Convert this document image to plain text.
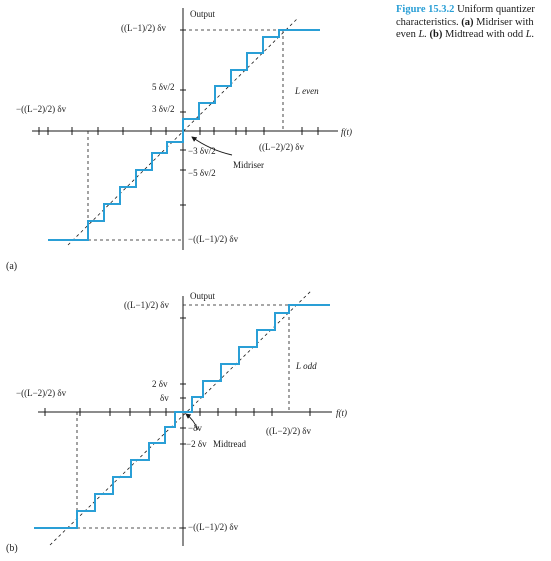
Figure 15.3.2 Uniform quantizer characteristics. (a) Midriser with even L. (b) Midtread with odd L.
Output
((L−1)/2) δv
5 δv/2
3 δv/2
−((L−2)/2) δv
L even
f(t)
−3 δv/2
−5 δv/2
((L−2)/2) δv
Midriser
−((L−1)/2) δv
(a)
Output
((L−1)/2) δv
2 δv
δv
−((L−2)/2) δv
L odd
f(t)
−δv
−2 δv Midtread
((L−2)/2) δv
−((L−1)/2) δv
(b)
